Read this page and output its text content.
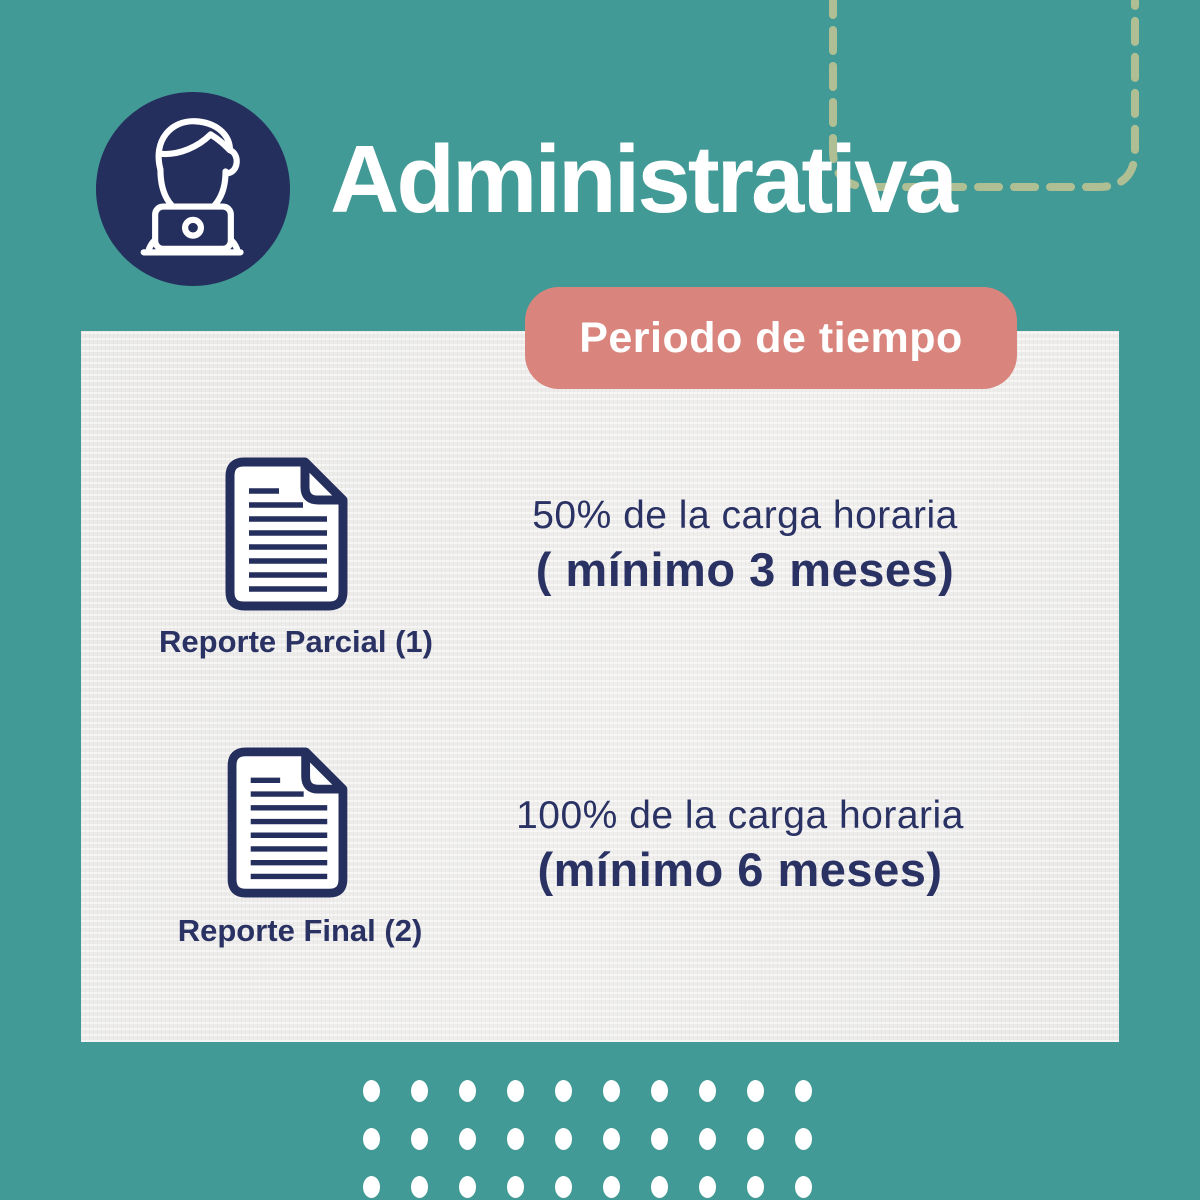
Administrativa
Periodo de tiempo
Reporte Parcial (1)
50% de la carga horaria
( mínimo 3 meses)
Reporte Final (2)
100% de la carga horaria
(mínimo 6 meses)
